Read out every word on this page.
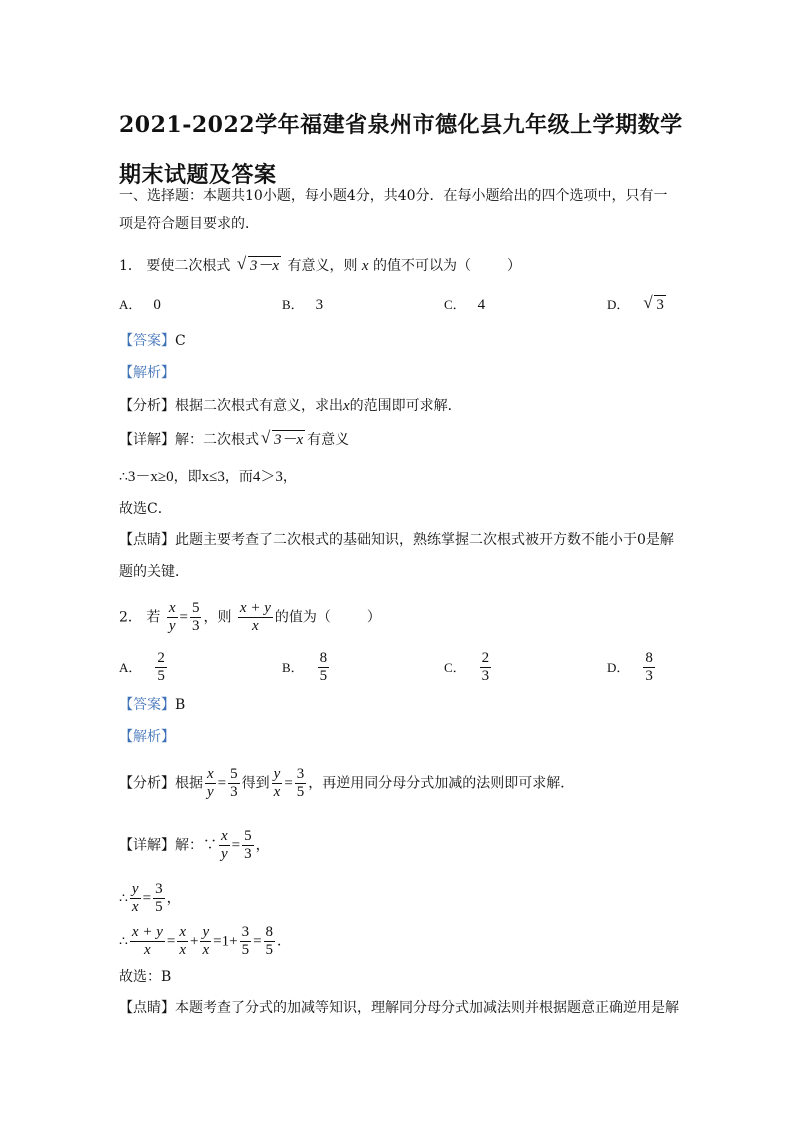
2021-2022学年福建省泉州市德化县九年级上学期数学期末试题及答案
一、选择题：本题共10小题，每小题4分，共40分．在每小题给出的四个选项中，只有一项是符合题目要求的．
1． 要使二次根式 √ 3－x 有意义，则 x 的值不可以为（	）
A． 0	B． 3	C． 4	D． √ 3
【答案】C
【解析】
【分析】根据二次根式有意义，求出x的范围即可求解．
【详解】解：二次根式 √ 3－x 有意义
∴3－x≥0，即x≤3，而4＞3，
故选C．
【点睛】此题主要考查了二次根式的基础知识，熟练掌握二次根式被开方数不能小于0是解
题的关键．
2． 若 $\frac{x}{y} = \frac{5}{3}$ ，则 $\frac{x + y}{x}$ 的值为（	）
A． $\frac{2}{5}$	B． $\frac{8}{5}$	C． $\frac{2}{3}$	D． $\frac{8}{3}$
【答案】B
【解析】
【分析】根据 $\frac{x}{y} = \frac{5}{3}$ 得到 $\frac{y}{x} = \frac{3}{5}$ ，再逆用同分母分式加减的法则即可求解．
【详解】解：∵ $\frac{x}{y} = \frac{5}{3}$ ，
∴ $\frac{y}{x} = \frac{3}{5}$ ，
∴ $\frac{x + y}{x} = \frac{x}{x} + \frac{y}{x} =1+ \frac{3}{5} = \frac{8}{5}$ ．
故选：B
【点睛】本题考查了分式的加减等知识，理解同分母分式加减法则并根据题意正确逆用是解
